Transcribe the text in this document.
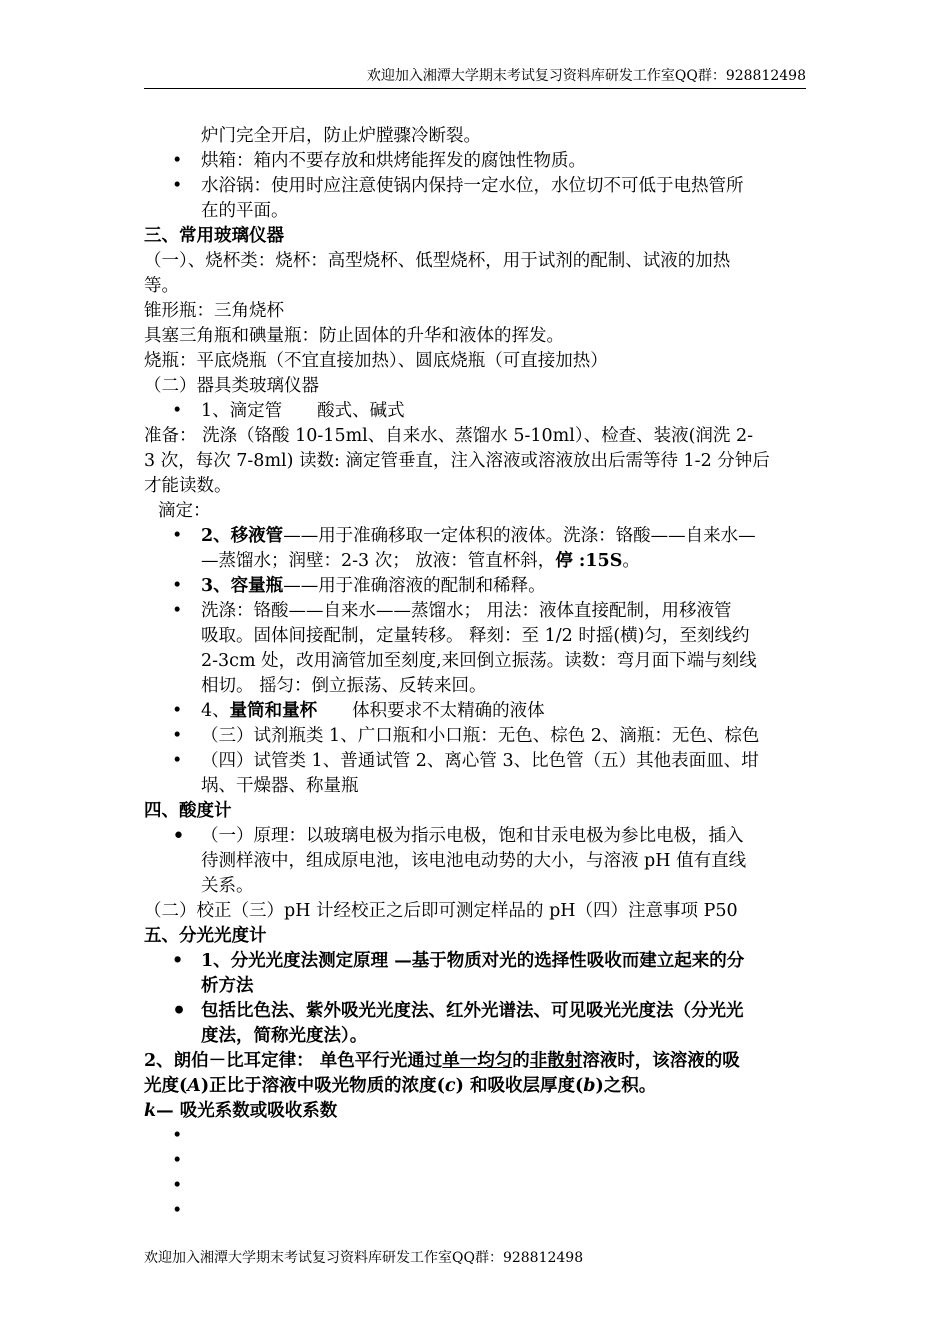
欢迎加入湘潭大学期末考试复习资料库研发工作室QQ群：928812498
炉门完全开启，防止炉膛骤冷断裂。
• 烘箱：箱内不要存放和烘烤能挥发的腐蚀性物质。
• 水浴锅：使用时应注意使锅内保持一定水位，水位切不可低于电热管所
在的平面。
三、常用玻璃仪器
（一）、烧杯类：烧杯：高型烧杯、低型烧杯，用于试剂的配制、试液的加热
等。
锥形瓶：三角烧杯
具塞三角瓶和碘量瓶：防止固体的升华和液体的挥发。
烧瓶：平底烧瓶（不宜直接加热）、圆底烧瓶（可直接加热）
（二）器具类玻璃仪器
• 1、滴定管　　酸式、碱式
准备： 洗涤（铬酸 10-15ml、自来水、蒸馏水 5-10ml）、检查、装液(润洗 2-
3 次，每次 7-8ml) 读数: 滴定管垂直，注入溶液或溶液放出后需等待 1-2 分钟后
才能读数。
滴定：
• 2、移液管——用于准确移取一定体积的液体。洗涤：铬酸——自来水—
—蒸馏水；润壁：2-3 次； 放液：管直杯斜，停 :15S。
• 3、容量瓶——用于准确溶液的配制和稀释。
• 洗涤：铬酸——自来水——蒸馏水； 用法：液体直接配制，用移液管
吸取。固体间接配制，定量转移。 释刻：至 1/2 时摇(横)匀，至刻线约
2-3cm 处，改用滴管加至刻度,来回倒立振荡。读数：弯月面下端与刻线
相切。 摇匀：倒立振荡、反转来回。
• 4、量筒和量杯　　体积要求不太精确的液体
• （三）试剂瓶类 1、广口瓶和小口瓶：无色、棕色 2、滴瓶：无色、棕色
• （四）试管类 1、普通试管 2、离心管 3、比色管（五）其他表面皿、坩
埚、干燥器、称量瓶
四、酸度计
• （一）原理：以玻璃电极为指示电极，饱和甘汞电极为参比电极，插入
待测样液中，组成原电池，该电池电动势的大小，与溶液 pH 值有直线
关系。
（二）校正（三）pH 计经校正之后即可测定样品的 pH（四）注意事项 P50
五、分光光度计
• 1、分光光度法测定原理 —基于物质对光的选择性吸收而建立起来的分
析方法
• 包括比色法、紫外吸光光度法、红外光谱法、可见吸光光度法（分光光
度法，简称光度法）。
2、朗伯－比耳定律： 单色平行光通过单一均匀的非散射溶液时，该溶液的吸
光度(A)正比于溶液中吸光物质的浓度(c) 和吸收层厚度(b)之积。
k— 吸光系数或吸收系数
•
•
•
•
欢迎加入湘潭大学期末考试复习资料库研发工作室QQ群：928812498
